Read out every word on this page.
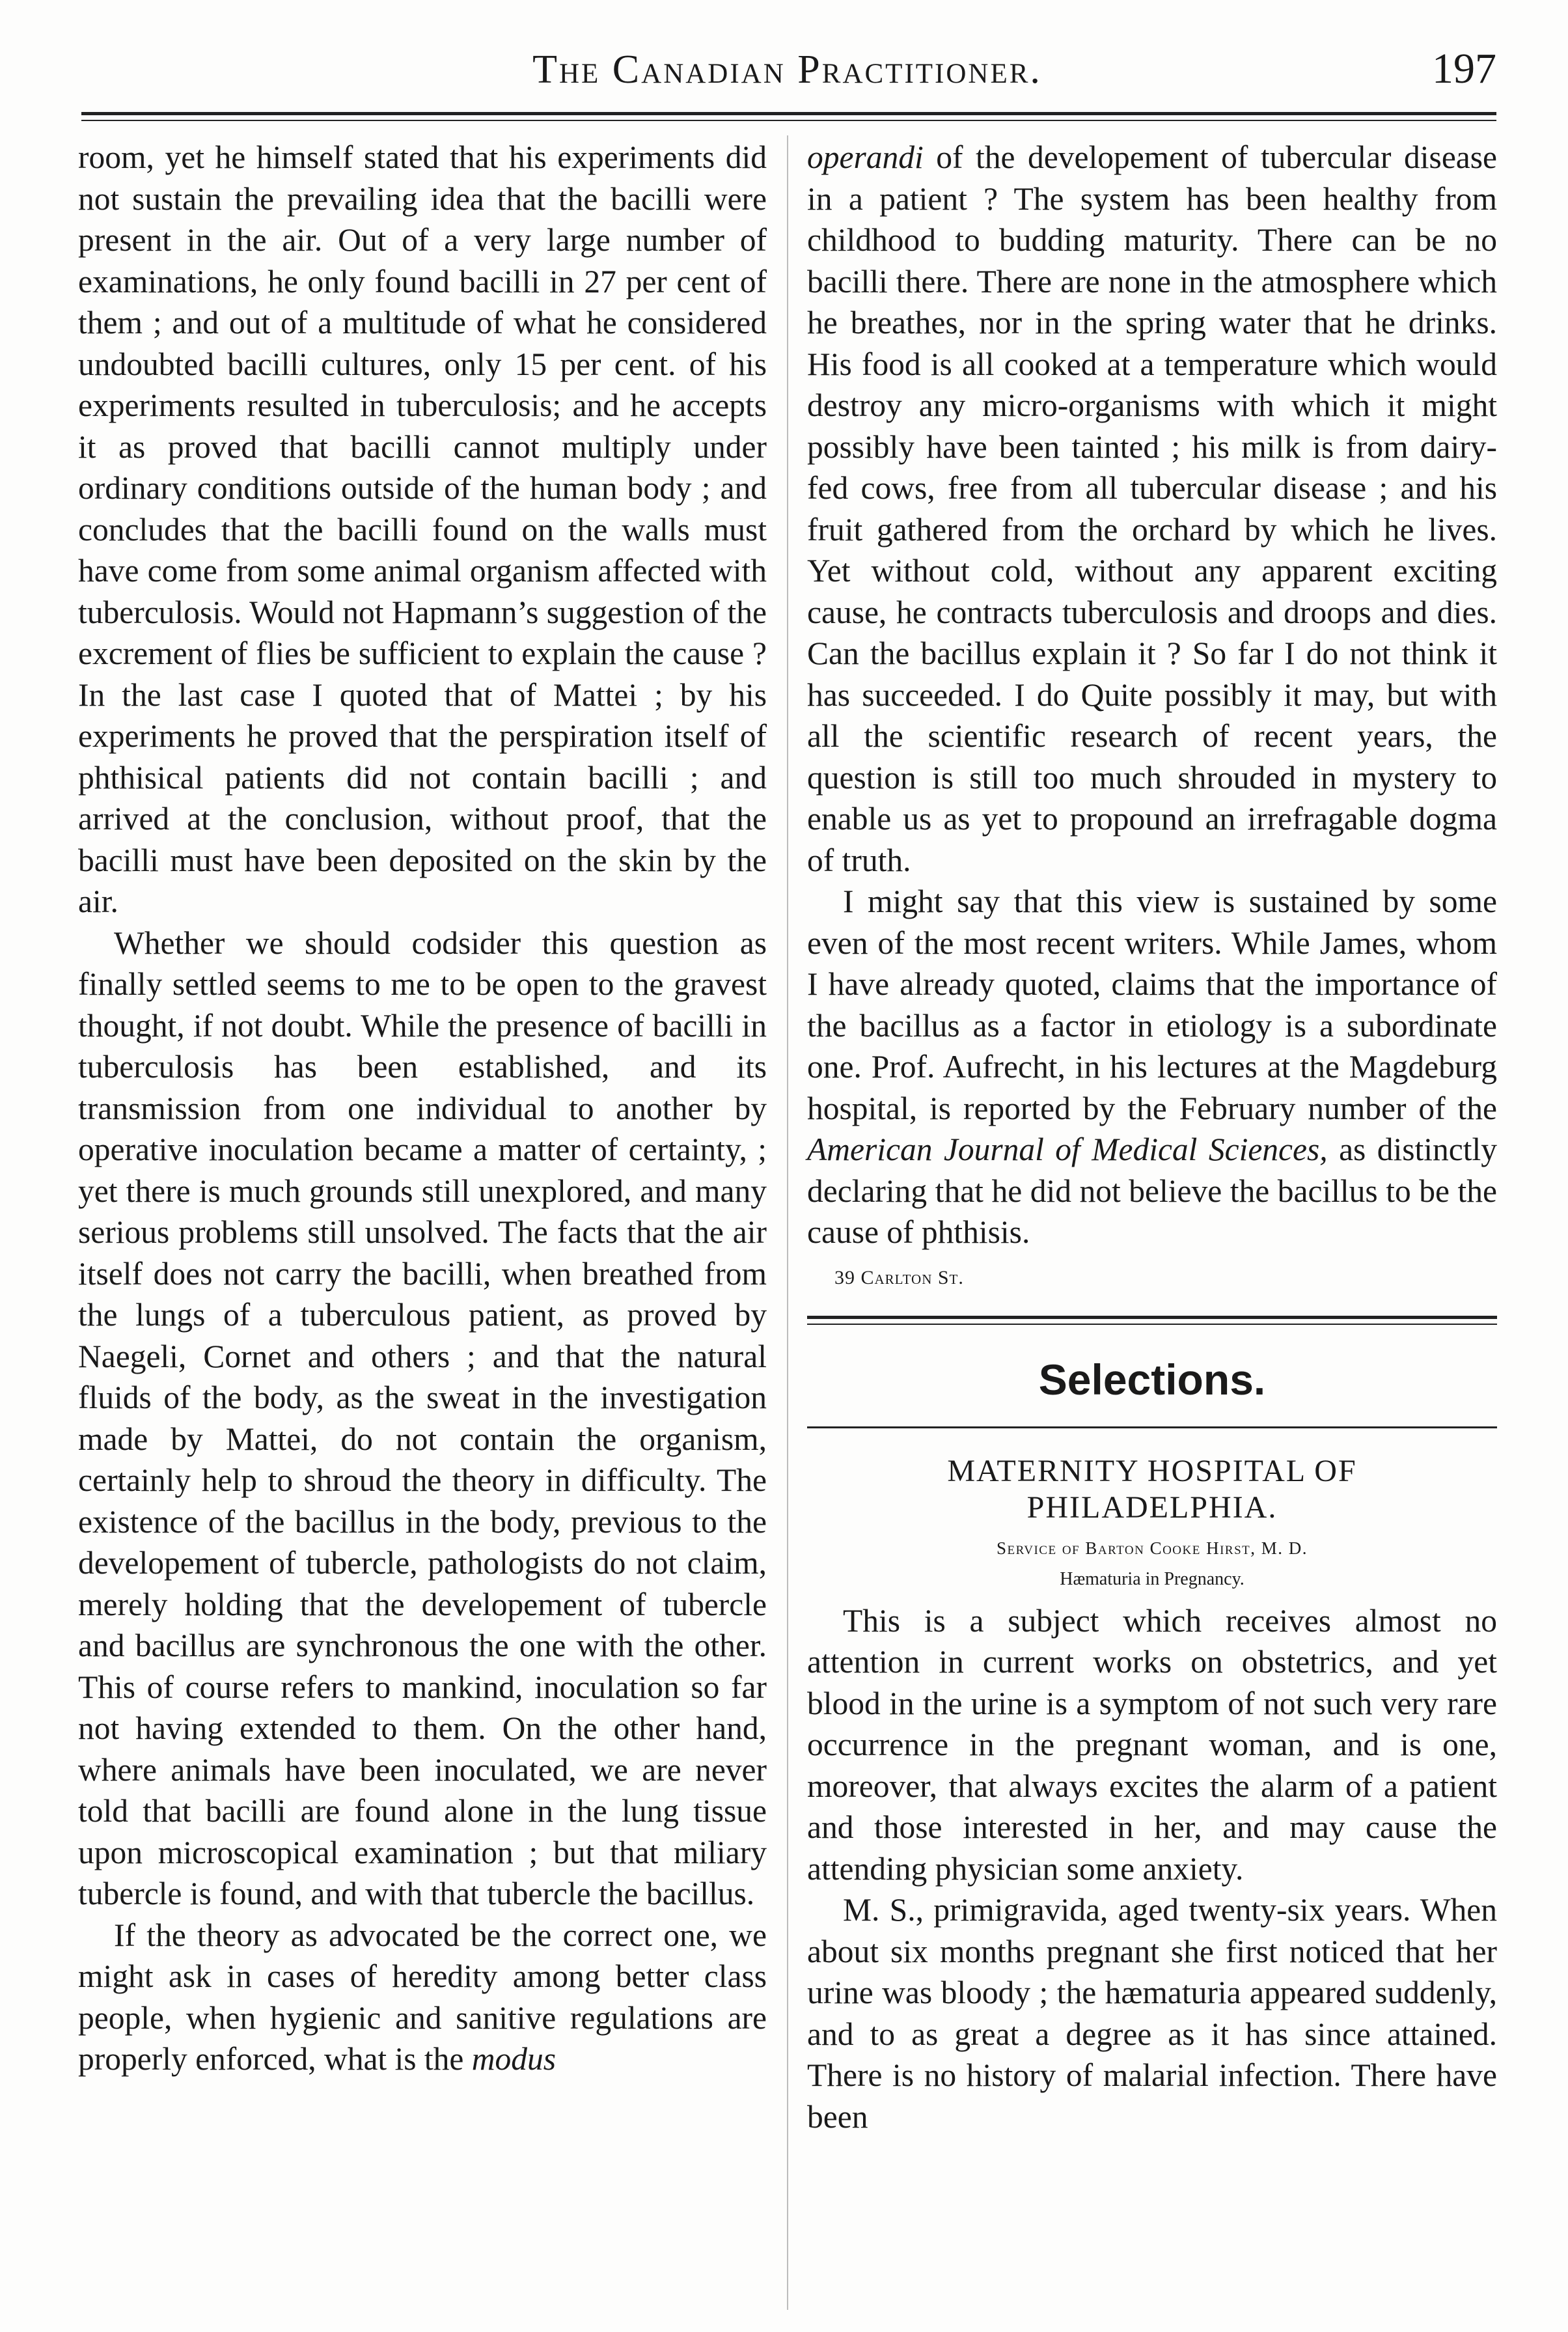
The Canadian Practitioner.	197

room, yet he himself stated that his experiments did not sustain the prevailing idea that the bacilli were present in the air. Out of a very large number of examinations, he only found bacilli in 27 per cent of them ; and out of a multitude of what he considered undoubted bacilli cultures, only 15 per cent. of his experiments resulted in tuberculosis; and he accepts it as proved that bacilli cannot multiply under ordinary conditions outside of the human body ; and concludes that the bacilli found on the walls must have come from some animal organism affected with tuberculosis. Would not Hapmann’s suggestion of the excrement of flies be sufficient to explain the cause ? In the last case I quoted that of Mattei ; by his experiments he proved that the perspiration itself of phthisical patients did not contain bacilli ; and arrived at the conclusion, without proof, that the bacilli must have been deposited on the skin by the air.

Whether we should codsider this question as finally settled seems to me to be open to the gravest thought, if not doubt. While the presence of bacilli in tuberculosis has been established, and its transmission from one individual to another by operative inoculation became a matter of certainty, ; yet there is much grounds still unexplored, and many serious problems still unsolved. The facts that the air itself does not carry the bacilli, when breathed from the lungs of a tuberculous patient, as proved by Naegeli, Cornet and others ; and that the natural fluids of the body, as the sweat in the investigation made by Mattei, do not contain the organism, certainly help to shroud the theory in difficulty. The existence of the bacillus in the body, previous to the developement of tubercle, pathologists do not claim, merely holding that the developement of tubercle and bacillus are synchronous the one with the other. This of course refers to mankind, inoculation so far not having extended to them. On the other hand, where animals have been inoculated, we are never told that bacilli are found alone in the lung tissue upon microscopical examination ; but that miliary tubercle is found, and with that tubercle the bacillus.

If the theory as advocated be the correct one, we might ask in cases of heredity among better class people, when hygienic and sanitive regulations are properly enforced, what is the modus

operandi of the developement of tubercular disease in a patient ? The system has been healthy from childhood to budding maturity. There can be no bacilli there. There are none in the atmosphere which he breathes, nor in the spring water that he drinks. His food is all cooked at a temperature which would destroy any micro-organisms with which it might possibly have been tainted ; his milk is from dairy-fed cows, free from all tubercular disease ; and his fruit gathered from the orchard by which he lives. Yet without cold, without any apparent exciting cause, he contracts tuberculosis and droops and dies. Can the bacillus explain it ? So far I do not think it has succeeded. I do Quite possibly it may, but with all the scientific research of recent years, the question is still too much shrouded in mystery to enable us as yet to propound an irrefragable dogma of truth.

I might say that this view is sustained by some even of the most recent writers. While James, whom I have already quoted, claims that the importance of the bacillus as a factor in etiology is a subordinate one. Prof. Aufrecht, in his lectures at the Magdeburg hospital, is reported by the February number of the American Journal of Medical Sciences, as distinctly declaring that he did not believe the bacillus to be the cause of phthisis.

39 Carlton St.
Selections.
MATERNITY HOSPITAL OF PHILADELPHIA.
Service of Barton Cooke Hirst, M. D.
Hæmaturia in Pregnancy.

This is a subject which receives almost no attention in current works on obstetrics, and yet blood in the urine is a symptom of not such very rare occurrence in the pregnant woman, and is one, moreover, that always excites the alarm of a patient and those interested in her, and may cause the attending physician some anxiety.

M. S., primigravida, aged twenty-six years. When about six months pregnant she first noticed that her urine was bloody ; the hæmaturia appeared suddenly, and to as great a degree as it has since attained. There is no history of malarial infection. There have been
